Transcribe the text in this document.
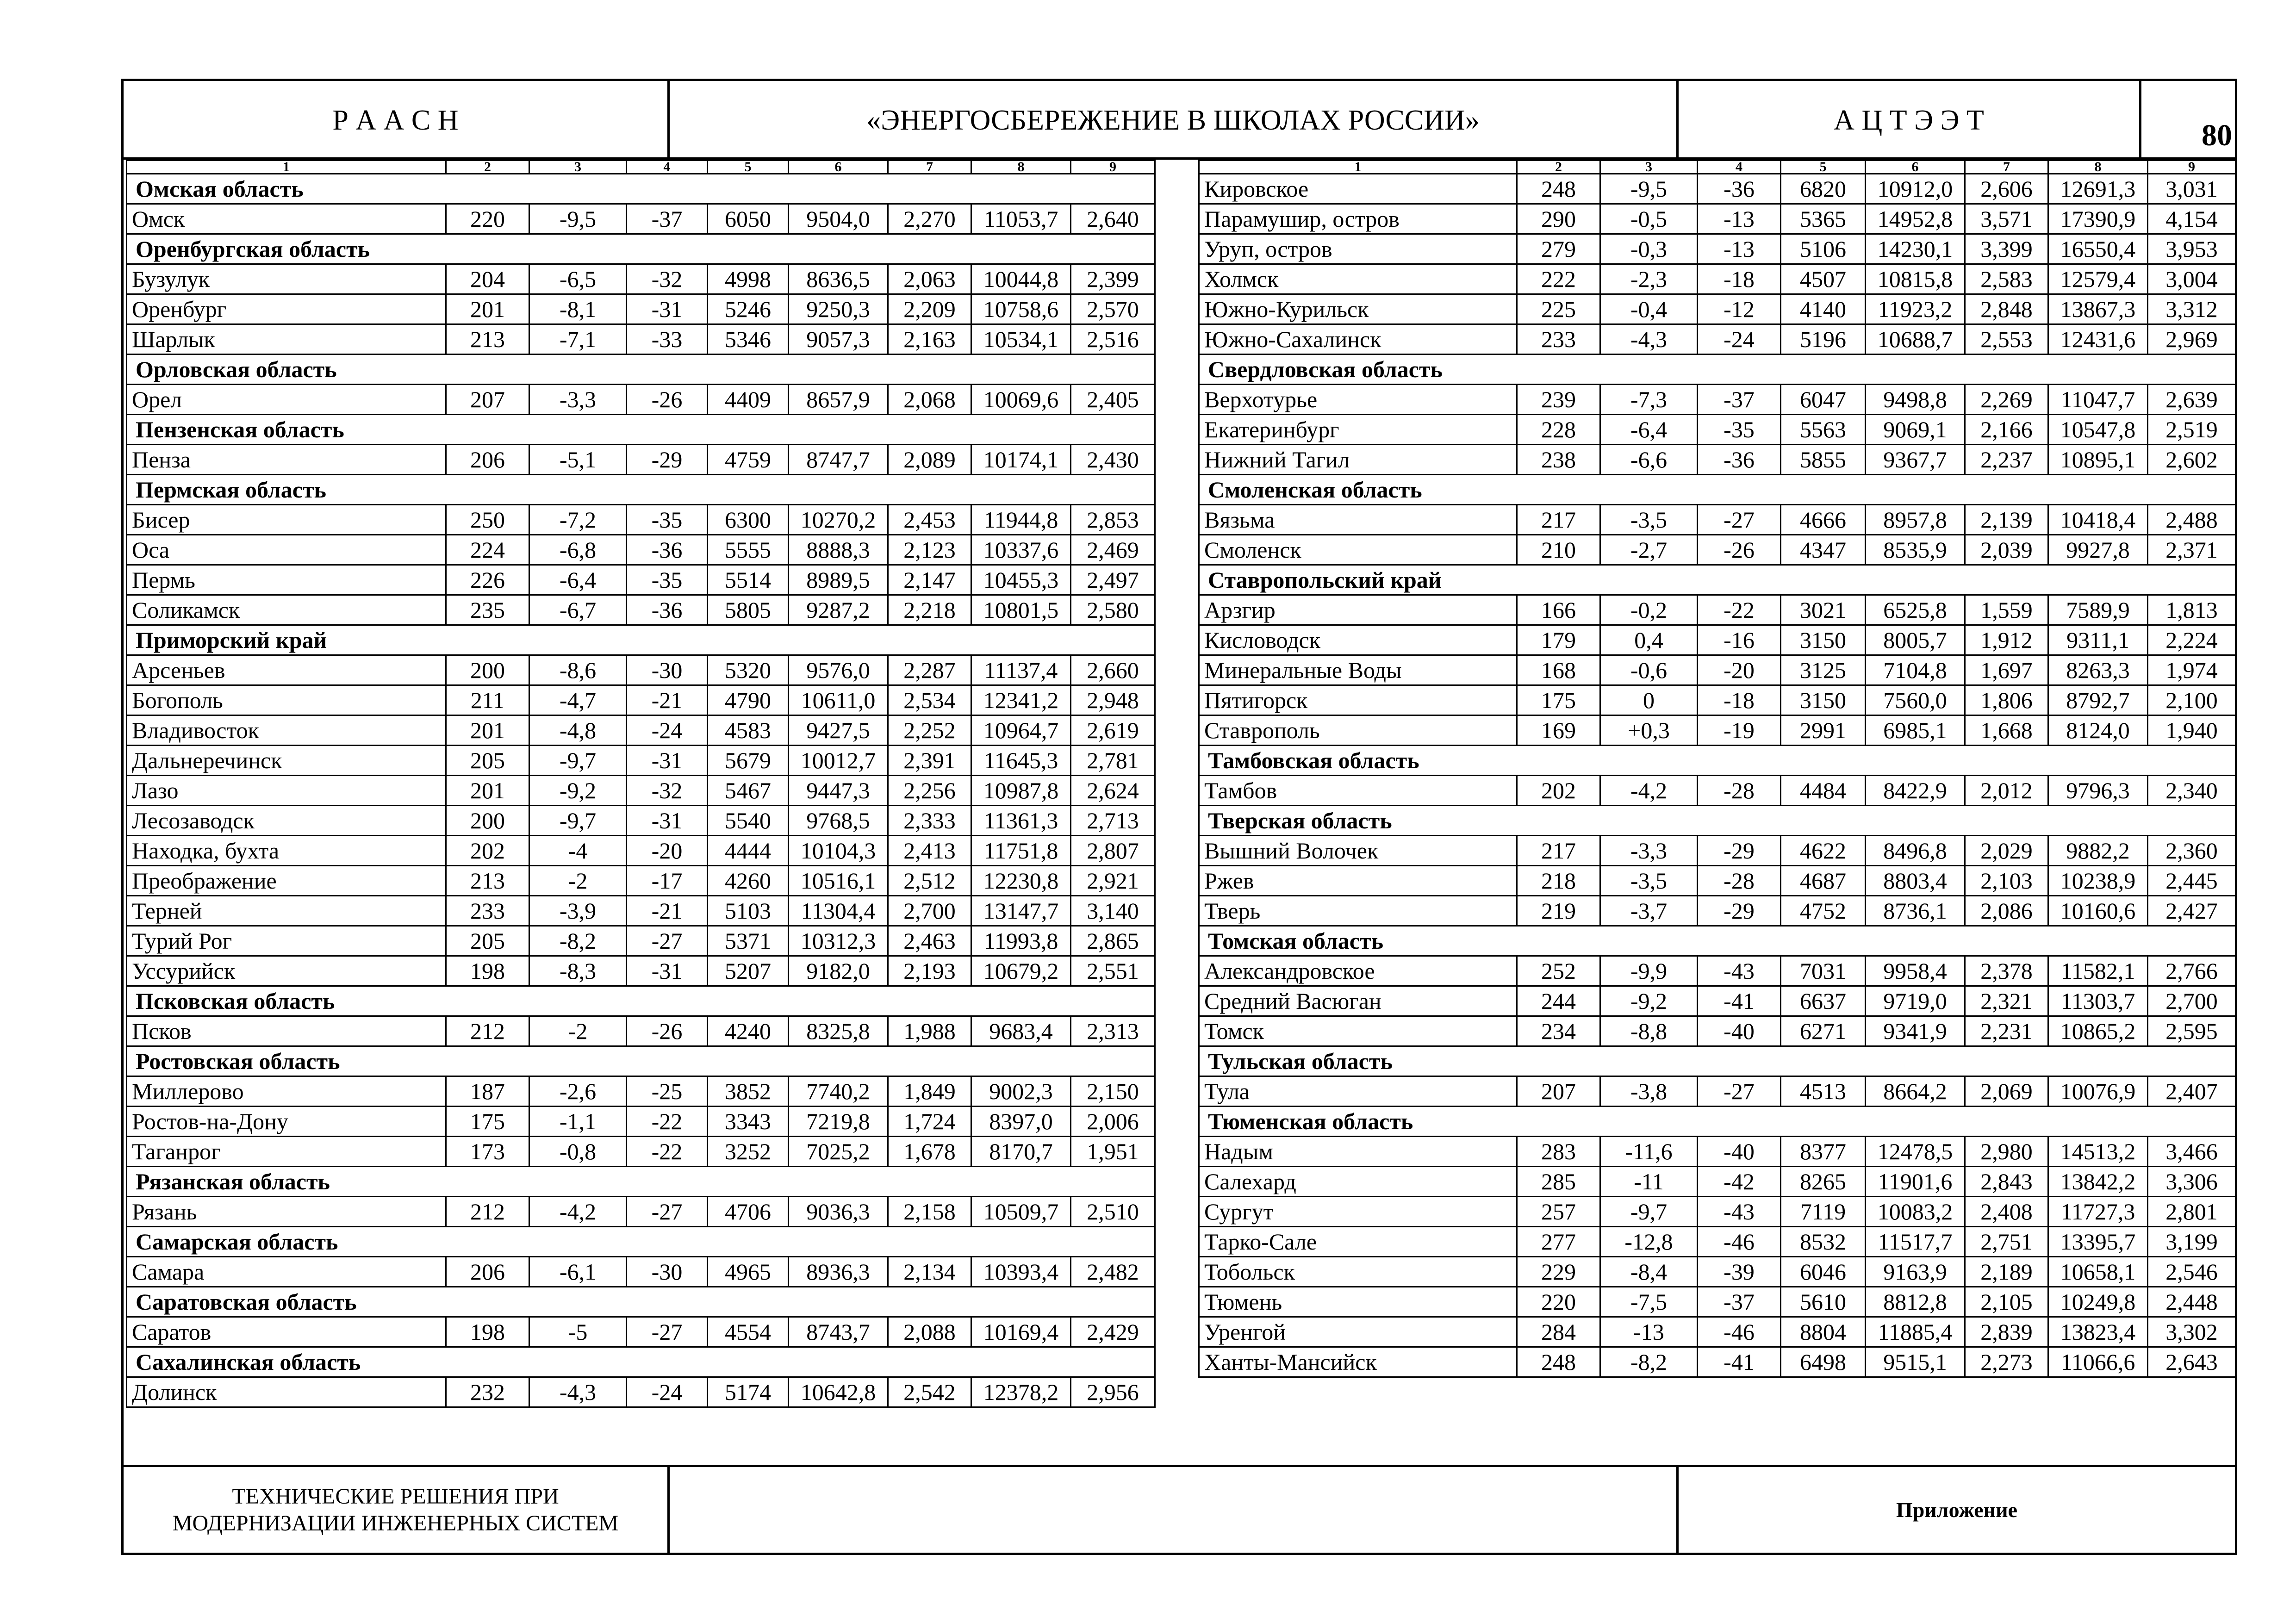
Р А А С Н	«ЭНЕРГОСБЕРЕЖЕНИЕ В ШКОЛАХ РОССИИ»	А Ц Т Э Э Т	80
1	2	3	4	5	6	7	8	9
Омская область								
Омск	220	-9,5	-37	6050	9504,0	2,270	11053,7	2,640
Оренбургская область								
Бузулук	204	-6,5	-32	4998	8636,5	2,063	10044,8	2,399
Оренбург	201	-8,1	-31	5246	9250,3	2,209	10758,6	2,570
Шарлык	213	-7,1	-33	5346	9057,3	2,163	10534,1	2,516
Орловская область								
Орел	207	-3,3	-26	4409	8657,9	2,068	10069,6	2,405
Пензенская область								
Пенза	206	-5,1	-29	4759	8747,7	2,089	10174,1	2,430
Пермская область								
Бисер	250	-7,2	-35	6300	10270,2	2,453	11944,8	2,853
Оса	224	-6,8	-36	5555	8888,3	2,123	10337,6	2,469
Пермь	226	-6,4	-35	5514	8989,5	2,147	10455,3	2,497
Соликамск	235	-6,7	-36	5805	9287,2	2,218	10801,5	2,580
Приморский край								
Арсеньев	200	-8,6	-30	5320	9576,0	2,287	11137,4	2,660
Богополь	211	-4,7	-21	4790	10611,0	2,534	12341,2	2,948
Владивосток	201	-4,8	-24	4583	9427,5	2,252	10964,7	2,619
Дальнеречинск	205	-9,7	-31	5679	10012,7	2,391	11645,3	2,781
Лазо	201	-9,2	-32	5467	9447,3	2,256	10987,8	2,624
Лесозаводск	200	-9,7	-31	5540	9768,5	2,333	11361,3	2,713
Находка, бухта	202	-4	-20	4444	10104,3	2,413	11751,8	2,807
Преображение	213	-2	-17	4260	10516,1	2,512	12230,8	2,921
Терней	233	-3,9	-21	5103	11304,4	2,700	13147,7	3,140
Турий Рог	205	-8,2	-27	5371	10312,3	2,463	11993,8	2,865
Уссурийск	198	-8,3	-31	5207	9182,0	2,193	10679,2	2,551
Псковская область								
Псков	212	-2	-26	4240	8325,8	1,988	9683,4	2,313
Ростовская область								
Миллерово	187	-2,6	-25	3852	7740,2	1,849	9002,3	2,150
Ростов-на-Дону	175	-1,1	-22	3343	7219,8	1,724	8397,0	2,006
Таганрог	173	-0,8	-22	3252	7025,2	1,678	8170,7	1,951
Рязанская область								
Рязань	212	-4,2	-27	4706	9036,3	2,158	10509,7	2,510
Самарская область								
Самара	206	-6,1	-30	4965	8936,3	2,134	10393,4	2,482
Саратовская область								
Саратов	198	-5	-27	4554	8743,7	2,088	10169,4	2,429
Сахалинская область								
Долинск	232	-4,3	-24	5174	10642,8	2,542	12378,2	2,956
1	2	3	4	5	6	7	8	9
Кировское	248	-9,5	-36	6820	10912,0	2,606	12691,3	3,031
Парамушир, остров	290	-0,5	-13	5365	14952,8	3,571	17390,9	4,154
Уруп, остров	279	-0,3	-13	5106	14230,1	3,399	16550,4	3,953
Холмск	222	-2,3	-18	4507	10815,8	2,583	12579,4	3,004
Южно-Курильск	225	-0,4	-12	4140	11923,2	2,848	13867,3	3,312
Южно-Сахалинск	233	-4,3	-24	5196	10688,7	2,553	12431,6	2,969
Свердловская область								
Верхотурье	239	-7,3	-37	6047	9498,8	2,269	11047,7	2,639
Екатеринбург	228	-6,4	-35	5563	9069,1	2,166	10547,8	2,519
Нижний Тагил	238	-6,6	-36	5855	9367,7	2,237	10895,1	2,602
Смоленская область								
Вязьма	217	-3,5	-27	4666	8957,8	2,139	10418,4	2,488
Смоленск	210	-2,7	-26	4347	8535,9	2,039	9927,8	2,371
Ставропольский край								
Арзгир	166	-0,2	-22	3021	6525,8	1,559	7589,9	1,813
Кисловодск	179	0,4	-16	3150	8005,7	1,912	9311,1	2,224
Минеральные Воды	168	-0,6	-20	3125	7104,8	1,697	8263,3	1,974
Пятигорск	175	0	-18	3150	7560,0	1,806	8792,7	2,100
Ставрополь	169	+0,3	-19	2991	6985,1	1,668	8124,0	1,940
Тамбовская область								
Тамбов	202	-4,2	-28	4484	8422,9	2,012	9796,3	2,340
Тверская область								
Вышний Волочек	217	-3,3	-29	4622	8496,8	2,029	9882,2	2,360
Ржев	218	-3,5	-28	4687	8803,4	2,103	10238,9	2,445
Тверь	219	-3,7	-29	4752	8736,1	2,086	10160,6	2,427
Томская область								
Александровское	252	-9,9	-43	7031	9958,4	2,378	11582,1	2,766
Средний Васюган	244	-9,2	-41	6637	9719,0	2,321	11303,7	2,700
Томск	234	-8,8	-40	6271	9341,9	2,231	10865,2	2,595
Тульская область								
Тула	207	-3,8	-27	4513	8664,2	2,069	10076,9	2,407
Тюменская область								
Надым	283	-11,6	-40	8377	12478,5	2,980	14513,2	3,466
Салехард	285	-11	-42	8265	11901,6	2,843	13842,2	3,306
Сургут	257	-9,7	-43	7119	10083,2	2,408	11727,3	2,801
Тарко-Сале	277	-12,8	-46	8532	11517,7	2,751	13395,7	3,199
Тобольск	229	-8,4	-39	6046	9163,9	2,189	10658,1	2,546
Тюмень	220	-7,5	-37	5610	8812,8	2,105	10249,8	2,448
Уренгой	284	-13	-46	8804	11885,4	2,839	13823,4	3,302
Ханты-Мансийск	248	-8,2	-41	6498	9515,1	2,273	11066,6	2,643
ТЕХНИЧЕСКИЕ РЕШЕНИЯ ПРИ
МОДЕРНИЗАЦИИ ИНЖЕНЕРНЫХ СИСТЕМ
Приложение
